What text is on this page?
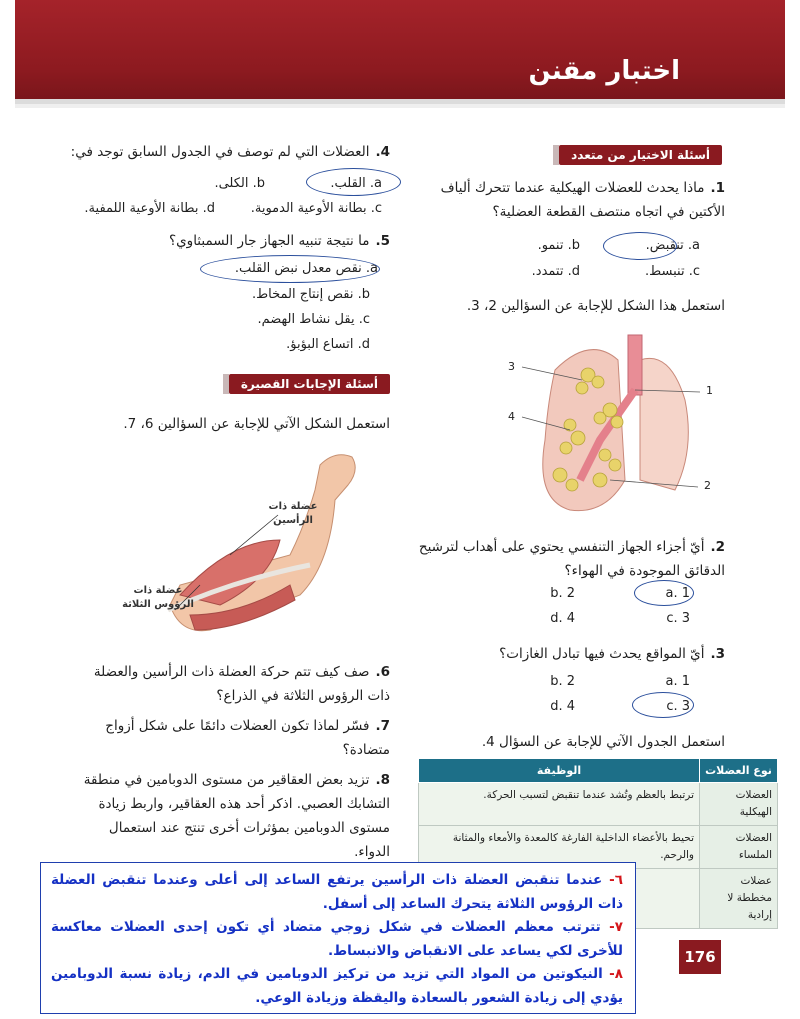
اختبار مقنن
أسئلة الاختيار من متعدد
1.ماذا يحدث للعضلات الهيكلية عندما تتحرك ألياف الأكتين في اتجاه منتصف القطعة العضلية؟
a. تنقبض.
b. تنمو.
c. تنبسط.
d. تتمدد.
استعمل هذا الشكل للإجابة عن السؤالين 2، 3.
3
4
1
2
2.أيّ أجزاء الجهاز التنفسي يحتوي على أهداب لترشيح الدقائق الموجودة في الهواء؟
a. 1
b. 2
c. 3
d. 4
3.أيّ المواقع يحدث فيها تبادل الغازات؟
a. 1
b. 2
c. 3
d. 4
استعمل الجدول الآتي للإجابة عن السؤال 4.
نوع العضلات	الوظيفة
العضلات الهيكلية	ترتبط بالعظم وتُشد عندما تنقبض لتسبب الحركة.
العضلات الملساء	تحيط بالأعضاء الداخلية الفارغة كالمعدة والأمعاء والمثانة والرحم.
عضلات مخططة لا إرادية	
4.العضلات التي لم توصف في الجدول السابق توجد في:
a. القلب.
b. الكلى.
c. بطانة الأوعية الدموية.
d. بطانة الأوعية اللمفية.
5.ما نتيجة تنبيه الجهاز جار السمبثاوي؟
a. نقص معدل نبض القلب.
b. نقص إنتاج المخاط.
c. يقل نشاط الهضم.
d. اتساع البؤبؤ.
أسئلة الإجابات القصيرة
استعمل الشكل الآتي للإجابة عن السؤالين 6، 7.
عضلة ذات الرأسين
عضلة ذات الرؤوس الثلاثة
6.صف كيف تتم حركة العضلة ذات الرأسين والعضلة ذات الرؤوس الثلاثة في الذراع؟
7.فسّر لماذا تكون العضلات دائمًا على شكل أزواج متضادة؟
8.تزيد بعض العقاقير من مستوى الدوبامين في منطقة التشابك العصبي. اذكر أحد هذه العقاقير، واربط زيادة مستوى الدوبامين بمؤثرات أخرى تنتج عند استعمال الدواء.

٦- عندما تنقبض العضلة ذات الرأسين يرتفع الساعد إلى أعلى وعندما تنقبض العضلة ذات الرؤوس الثلاثة يتحرك الساعد إلى أسفل.

٧- تترتب معظم العضلات في شكل زوجي متضاد أي تكون إحدى العضلات معاكسة للأخرى لكي يساعد على الانقباض والانبساط.

٨- النيكوتين من المواد التي تزيد من تركيز الدوبامين في الدم، زيادة نسبة الدوبامين يؤدي إلى زيادة الشعور بالسعادة واليقظة وزيادة الوعي.

176
